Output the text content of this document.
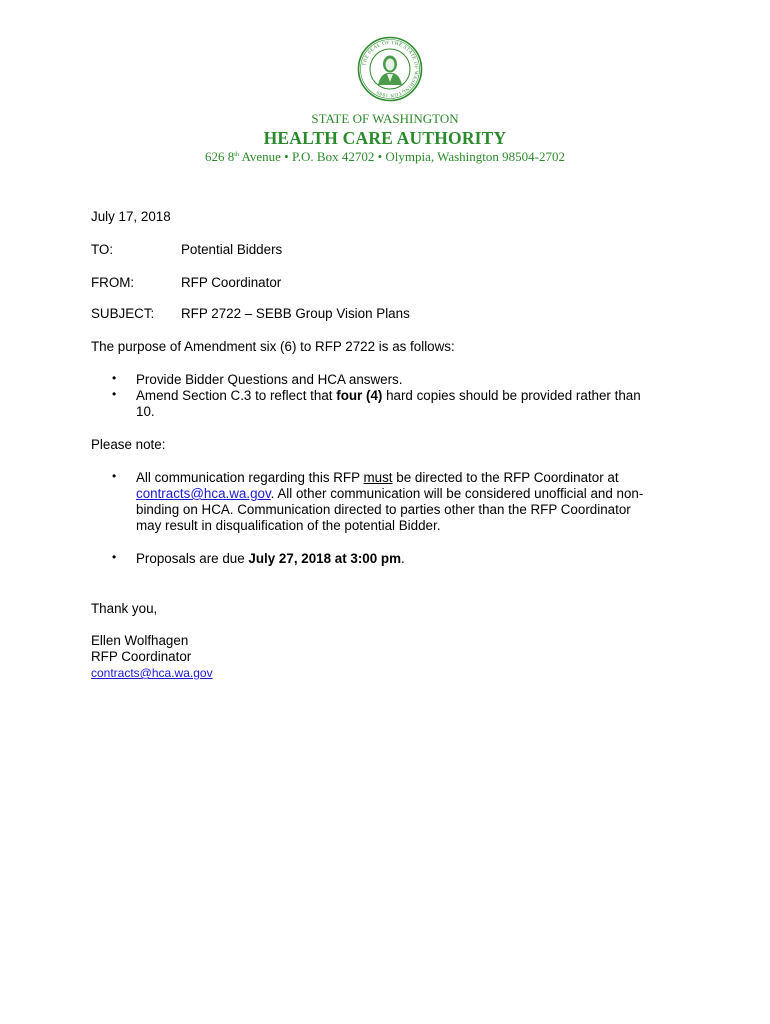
THE SEAL OF THE STATE OF WASHINGTON 1889
STATE OF WASHINGTON
HEALTH CARE AUTHORITY
626 8th Avenue • P.O. Box 42702 • Olympia, Washington 98504-2702
July 17, 2018
TO:	Potential Bidders
FROM:	RFP Coordinator
SUBJECT: RFP 2722 – SEBB Group Vision Plans
The purpose of Amendment six (6) to RFP 2722 is as follows:
• Provide Bidder Questions and HCA answers.
• Amend Section C.3 to reflect that four (4) hard copies should be provided rather than
10.
Please note:
• All communication regarding this RFP must be directed to the RFP Coordinator at
contracts@hca.wa.gov. All other communication will be considered unofficial and non-
binding on HCA. Communication directed to parties other than the RFP Coordinator
may result in disqualification of the potential Bidder.
• Proposals are due July 27, 2018 at 3:00 pm.
Thank you,
Ellen Wolfhagen
RFP Coordinator
contracts@hca.wa.gov
